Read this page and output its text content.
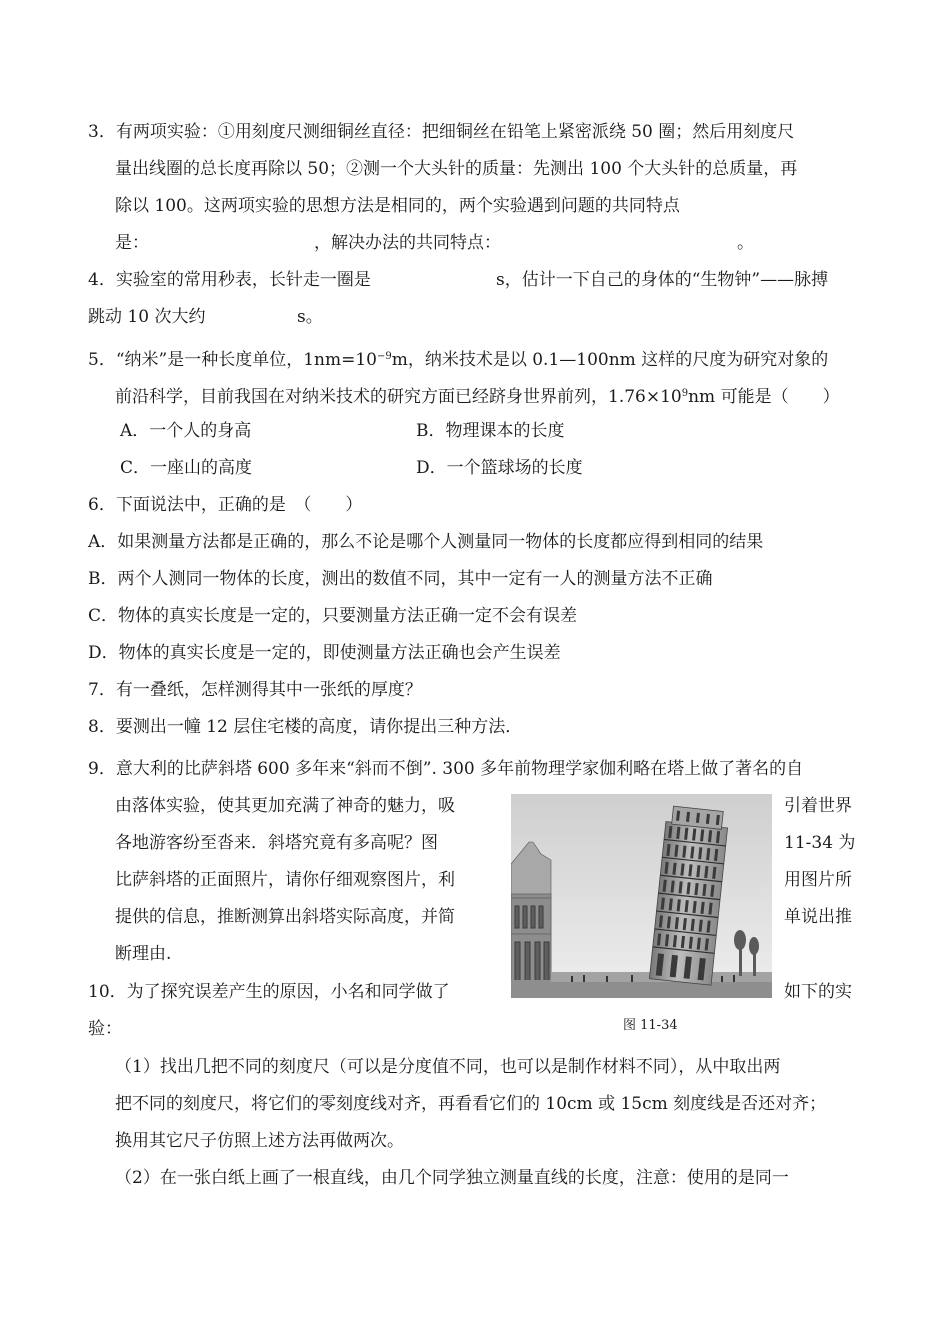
3．有两项实验：①用刻度尺测细铜丝直径：把细铜丝在铅笔上紧密派绕 50 圈；然后用刻度尺
量出线圈的总长度再除以 50；②测一个大头针的质量：先测出 100 个大头针的总质量，再
除以 100。这两项实验的思想方法是相同的，两个实验遇到问题的共同特点
是：	，解决办法的共同特点：	。
4．实验室的常用秒表，长针走一圈是	s，估计一下自己的身体的“生物钟”——脉搏
跳动 10 次大约	s。
5．“纳米”是一种长度单位，$1nm=10^{-9}m$，纳米技术是以 0.1—100nm 这样的尺度为研究对象的
前沿科学，目前我国在对纳米技术的研究方面已经跻身世界前列，$1.76\times 10^9nm$ 可能是（　　）
A．一个人的身高	B．物理课本的长度
C．一座山的高度	D．一个篮球场的长度
6．下面说法中，正确的是　（　　）
A．如果测量方法都是正确的，那么不论是哪个人测量同一物体的长度都应得到相同的结果
B．两个人测同一物体的长度，测出的数值不同，其中一定有一人的测量方法不正确
C．物体的真实长度是一定的，只要测量方法正确一定不会有误差
D．物体的真实长度是一定的，即使测量方法正确也会产生误差
7．有一叠纸，怎样测得其中一张纸的厚度？
8．要测出一幢 12 层住宅楼的高度，请你提出三种方法．
9．意大利的比萨斜塔 600 多年来“斜而不倒”. 300 多年前物理学家伽利略在塔上做了著名的自
由落体实验，使其更加充满了神奇的魅力，吸	引着世界
各地游客纷至沓来．斜塔究竟有多高呢？图	11-34 为
比萨斜塔的正面照片，请你仔细观察图片，利	用图片所
提供的信息，推断测算出斜塔实际高度，并简	单说出推
断理由.
图 11-34
10．为了探究误差产生的原因，小名和同学做了	如下的实
验：
（1）找出几把不同的刻度尺（可以是分度值不同，也可以是制作材料不同），从中取出两
把不同的刻度尺，将它们的零刻度线对齐，再看看它们的 10cm 或 15cm 刻度线是否还对齐；
换用其它尺子仿照上述方法再做两次。
（2）在一张白纸上画了一根直线，由几个同学独立测量直线的长度，注意：使用的是同一
